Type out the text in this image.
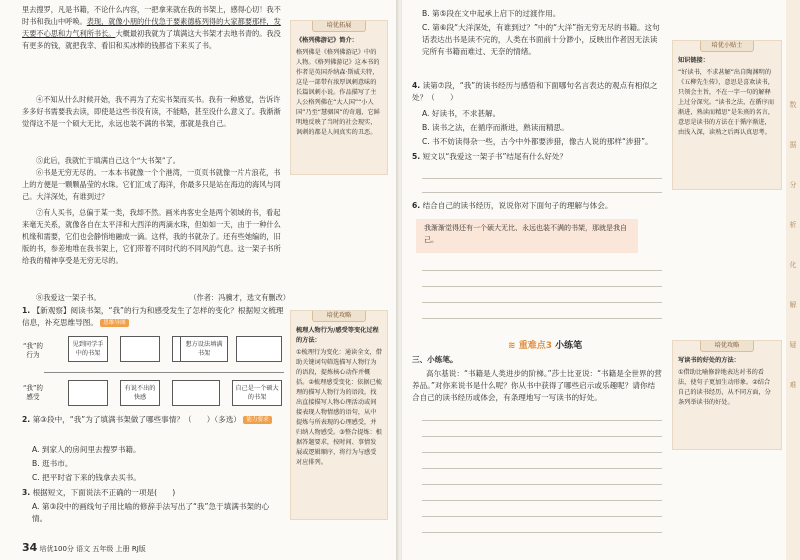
里去搜罗，凡是书籍，不论什么内容，一把拿来就在我的书架上，感得心切！我不时书和我山中呼唤。表现，就像小朋的什伐急于要素德栋列得的大家都要那样，发天要不心思和力气利所书长。大概最初我就为了填满这大书架才去地书青的。我没有更多的钱，就把我幸、看旧和买冰棒的钱都省下来买了书。
④不知从什么时候开始，我不再为了充实书架而买书。我有一种感觉，告诉许多多好书需要我去读，即使是这些书没有读，不能略，甚至没什么意义了。我渐渐觉得这不是一个硕大无比，永远也装不满的书架，那就是我自己。
⑤此后，我就忙于填满自己这个“大书架”了。
⑥书是无穷无尽的。一本本书就像一个个港湾，一页页书就像一片片浪花，书上的方便是一颗颗晶莹的水珠。它们汇成了海洋，你最多只是站在海边的海风与同己。大洋深处，有谁到过？
⑦有人买书，总偏于某一类，我却不然。画米冉客史全是两个领域的书，看起来毫无关系，就像各自在太平洋和大西洋的两滴水珠，但如如一天，由于一种什么机缘和需要，它们也会静悄地融成一滴。这样，我的书就杂了。还有些她编的，旧版的书，参差地堆在我书架上，它们带着不同时代的不同风韵气息。这一架子书所给我的精神享受是无穷无尽的。
⑧我爱这一架子书。	（作者：冯骥才，选文有删改）
1. 【新观察】阅读书架，“我”的行为和感受发生了怎样的变化？根据短文梳理信息，补充思维导图。 思维导图
“我”的行为
“我”的感受
见到同学手中的书架
想方设法填满书架
有说不出的快感
自己是一个硕大的书架
2. 第③段中，“我”为了填满书架做了哪些事情？（　　）（多选） 能力要求
A. 到家人的房间里去搜罗书籍。
B. 逛书市。
C. 把平时省下来的钱拿去买书。
3. 根据短文，下面说法不正确的一项是(　　)
A. 第③段中的画线句子用比喻的修辞手法写出了“我”急于填满书架的心情。
34 培优100分 语文 五年级 上册 RJ版
培优拓展
《格列佛游记》简介：
格列佛是《格列佛游记》中的人物。《格列佛游记》这本书的作者是英国乔纳森·斯威夫特，这是一部带有浓厚讽刺意味的长篇讽刺小说。作品描写了主人公格列佛在“大人国”“小人国”乃至“慧骃国”的奇遇，它鲜明地反映了当时的社会现实，讽刺的都是人间真实的丑恶。
培优攻略
梳理人物行为/感受等变化过程的方法：
①梳理行为变化：通读全文，借助关键词句筛选描写人物行为的语段，提炼核心动作并概括。②梳理感受变化：依据已梳理的描写人物行为的语段，找出直接描写人物心理活动或间接表现人物情感的语句，从中提炼与所表现的心理感受，并归纳人物感受。③整合提炼：根据答题要求，按时间、事情发展或逻辑顺序，将行为与感受对应排列。
B. 第⑤段在文中起承上启下的过渡作用。
C. 第⑥段“大洋深处，有谁到过？”中的“大洋”指无穷无尽的书籍。这句话表达出书是读不完的，人类在书面前十分渺小，反映出作者因无法读完所有书籍而难过、无奈的情绪。
4. 读第⑦段，“我”的读书经历与感悟和下面哪句名言表达的观点有相似之处？（　　）
A. 好读书，不求甚解。
B. 读书之法，在循序而渐进，熟读而精思。
C. 书不妨读得杂一些，古今中外都要涉猎，像古人说的那样“涉猎”。
5. 短文以“我爱这一架子书”结尾有什么好处？
6. 结合自己的读书经历，说说你对下面句子的理解与体会。
三、小练笔。
高尔基说：“书籍是人类进步的阶梯。”莎士比亚说：“书籍是全世界的营养品。”对你来说书是什么呢？你从书中获得了哪些启示或乐趣呢？请你结合自己的读书经历或体会，有条理地写一写读书的好处。
培优小贴士
知识链接：
“好读书，不求甚解”出自陶渊明的《五柳先生传》，意思是喜欢读书，只领会主旨，不在一字一句的解释上过分深究。“读书之法，在循序而渐进，熟读而精思”是朱熹的名言，意思是读书的方法在于循序渐进，由浅入深，读熟之后再认真思考。
培优攻略
写读书的好处的方法：
①借助比喻修辞地表达对书的看法，使句子更加生动形象。②结合自己的读书经历，从不同方面，分条列举读书的好处。
数
据
分
析
化
解
疑
难
我渐渐觉得还有一个硕大无比、永远也装不满的书架，那就是我自己。
≋ 重难点3 小练笔
